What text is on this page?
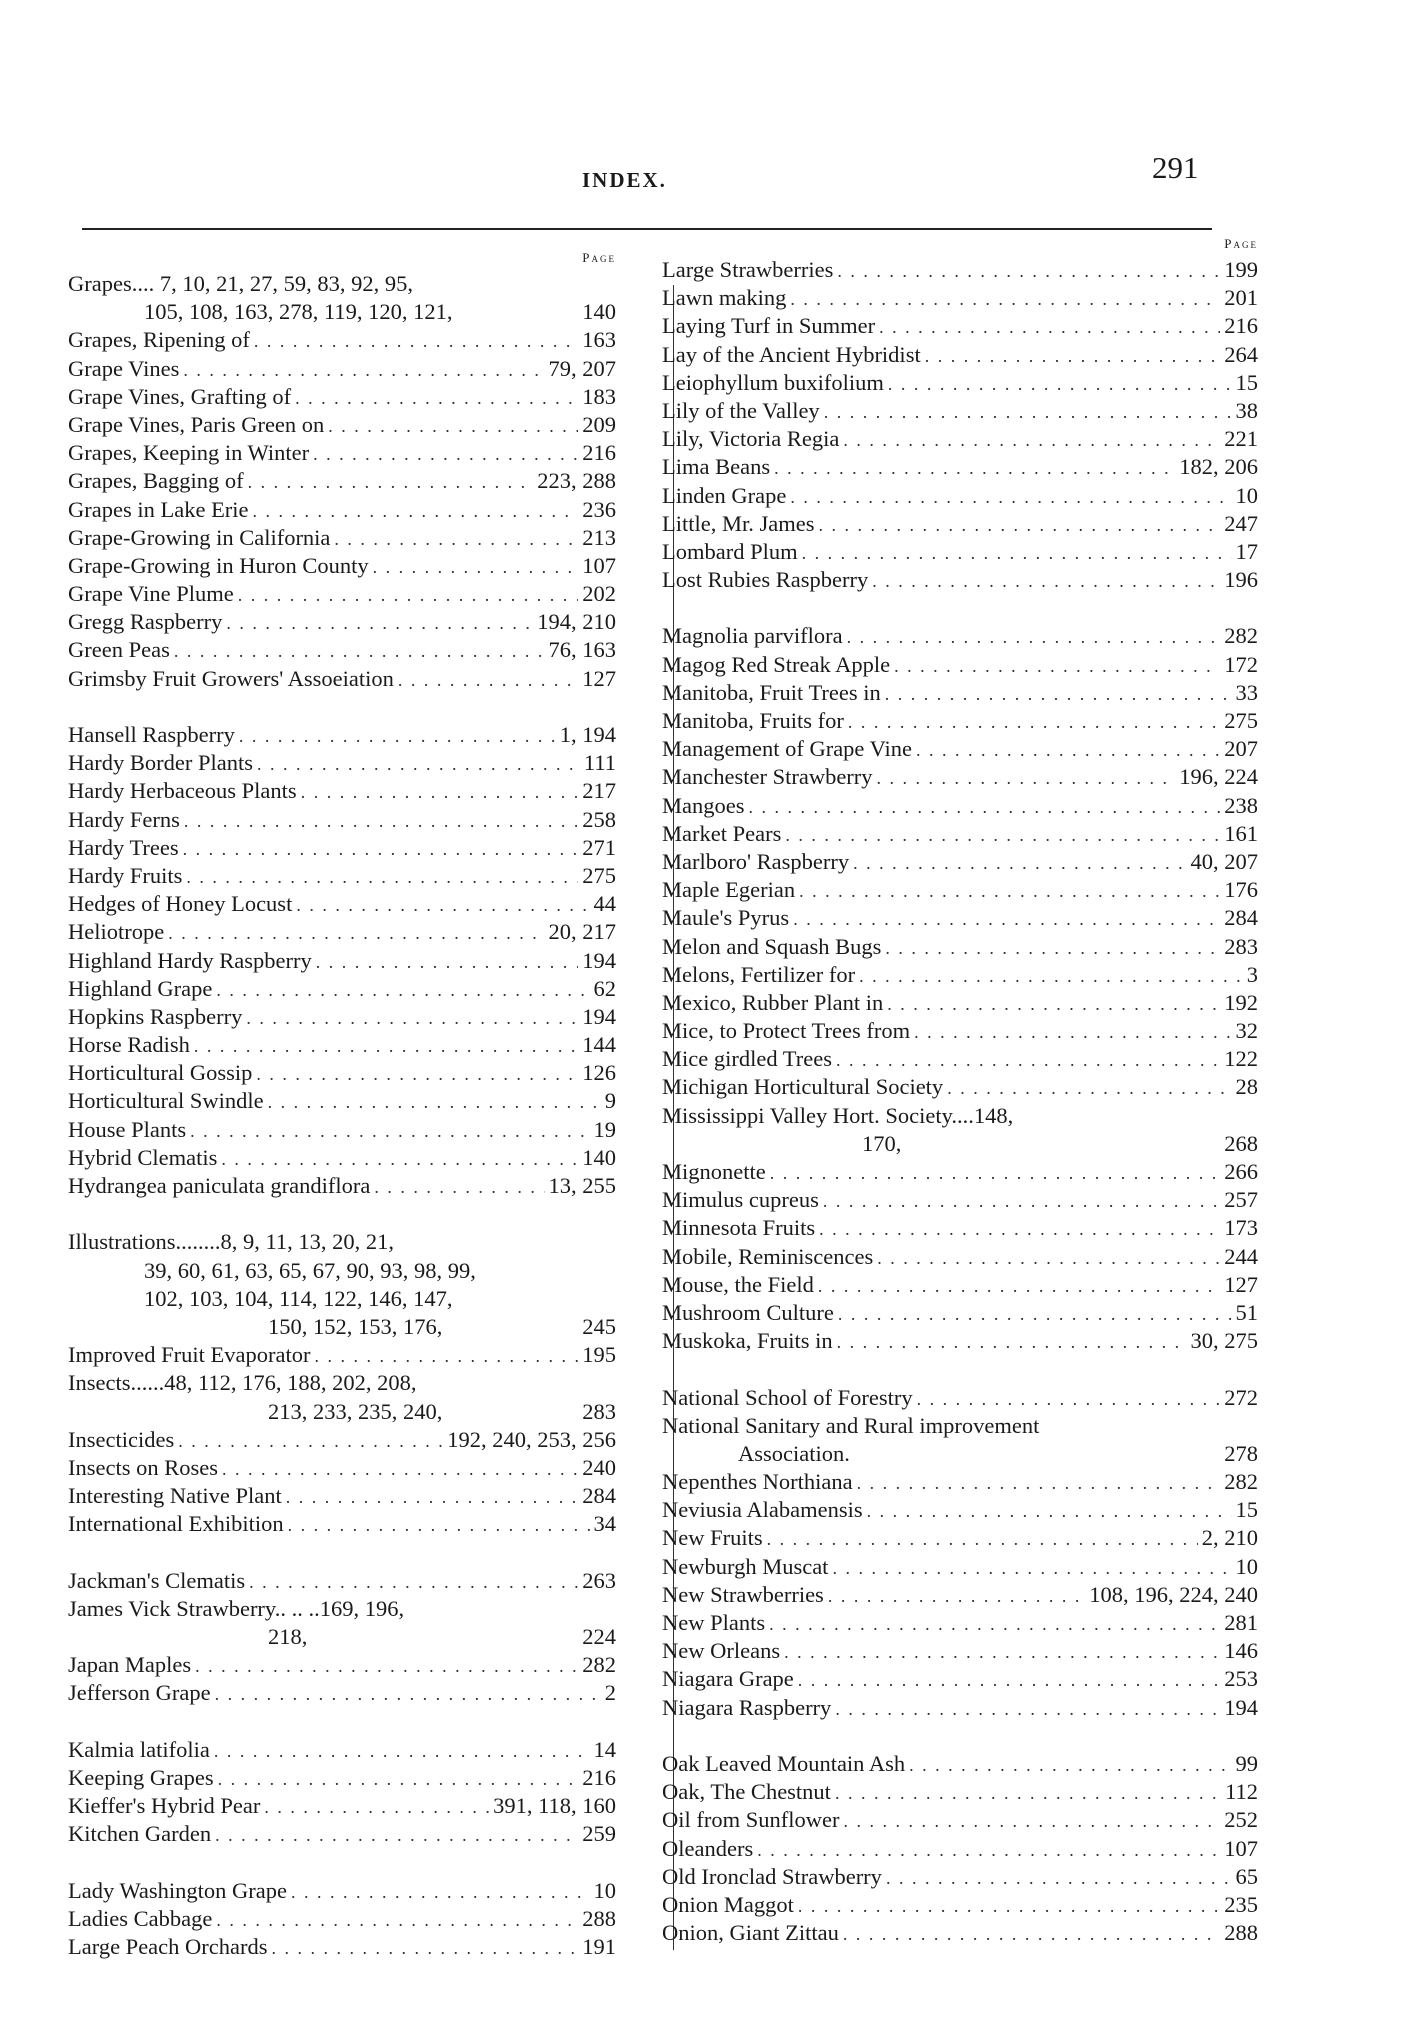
INDEX.	291
Page
Grapes.... 7, 10, 21, 27, 59, 83, 92, 95,
105, 108, 163, 278, 119, 120, 121,	140
Grapes, Ripening of . . .	163
Grape Vines . . .	79, 207
Grape Vines, Grafting of . . .	183
Grape Vines, Paris Green on . . .	209
Grapes, Keeping in Winter . . .	216
Grapes, Bagging of . . .	223, 288
Grapes in Lake Erie . . .	236
Grape-Growing in California . . .	213
Grape-Growing in Huron County . . .	107
Grape Vine Plume . . .	202
Gregg Raspberry . . .	194, 210
Green Peas . . .	76, 163
Grimsby Fruit Growers' Assoeiation . . .	127
Hansell Raspberry . . .	1, 194
Hardy Border Plants . . .	111
Hardy Herbaceous Plants . . .	217
Hardy Ferns . . .	258
Hardy Trees . . .	271
Hardy Fruits . . .	275
Hedges of Honey Locust . . .	44
Heliotrope . . .	20, 217
Highland Hardy Raspberry . . .	194
Highland Grape . . .	62
Hopkins Raspberry . . .	194
Horse Radish . . .	144
Horticultural Gossip . . .	126
Horticultural Swindle . . .	9
House Plants . . .	19
Hybrid Clematis . . .	140
Hydrangea paniculata grandiflora . . .	13, 255
Illustrations........8, 9, 11, 13, 20, 21,
39, 60, 61, 63, 65, 67, 90, 93, 98, 99,
102, 103, 104, 114, 122, 146, 147,
150, 152, 153, 176,	245
Improved Fruit Evaporator . . .	195
Insects......48, 112, 176, 188, 202, 208,
213, 233, 235, 240,	283
Insecticides . . .	192, 240, 253, 256
Insects on Roses . . .	240
Interesting Native Plant . . .	284
International Exhibition . . .	34
Jackman's Clematis . . .	263
James Vick Strawberry.. .. ..169, 196,
218,	224
Japan Maples . . .	282
Jefferson Grape . . .	2
Kalmia latifolia . . .	14
Keeping Grapes . . .	216
Kieffer's Hybrid Pear . . .	391, 118, 160
Kitchen Garden . . .	259
Lady Washington Grape . . .	10
Ladies Cabbage . . .	288
Large Peach Orchards . . .	191
Page
Large Strawberries . . .	199
Lawn making . . .	201
Laying Turf in Summer . . .	216
Lay of the Ancient Hybridist . . .	264
Leiophyllum buxifolium . . .	15
Lily of the Valley . . .	38
Lily, Victoria Regia . . .	221
Lima Beans . . .	182, 206
Linden Grape . . .	10
Little, Mr. James . . .	247
Lombard Plum . . .	17
Lost Rubies Raspberry . . .	196
Magnolia parviflora . . .	282
Magog Red Streak Apple . . .	172
Manitoba, Fruit Trees in . . .	33
Manitoba, Fruits for . . .	275
Management of Grape Vine . . .	207
Manchester Strawberry . . .	196, 224
Mangoes . . .	238
Market Pears . . .	161
Marlboro' Raspberry . . .	40, 207
Maple Egerian . . .	176
Maule's Pyrus . . .	284
Melon and Squash Bugs . . .	283
Melons, Fertilizer for . . .	3
Mexico, Rubber Plant in . . .	192
Mice, to Protect Trees from . . .	32
Mice girdled Trees . . .	122
Michigan Horticultural Society . . .	28
Mississippi Valley Hort. Society....148,
170,	268
Mignonette . . .	266
Mimulus cupreus . . .	257
Minnesota Fruits . . .	173
Mobile, Reminiscences . . .	244
Mouse, the Field . . .	127
Mushroom Culture . . .	51
Muskoka, Fruits in . . .	30, 275
National School of Forestry . . .	272
National Sanitary and Rural improvement
Association.	278
Nepenthes Northiana . . .	282
Neviusia Alabamensis . . .	15
New Fruits . . .	2, 210
Newburgh Muscat . . .	10
New Strawberries . . .	108, 196, 224, 240
New Plants . . .	281
New Orleans . . .	146
Niagara Grape . . .	253
Niagara Raspberry . . .	194
Oak Leaved Mountain Ash . . .	99
Oak, The Chestnut . . .	112
Oil from Sunflower . . .	252
Oleanders . . .	107
Old Ironclad Strawberry . . .	65
Onion Maggot . . .	235
Onion, Giant Zittau . . .	288
